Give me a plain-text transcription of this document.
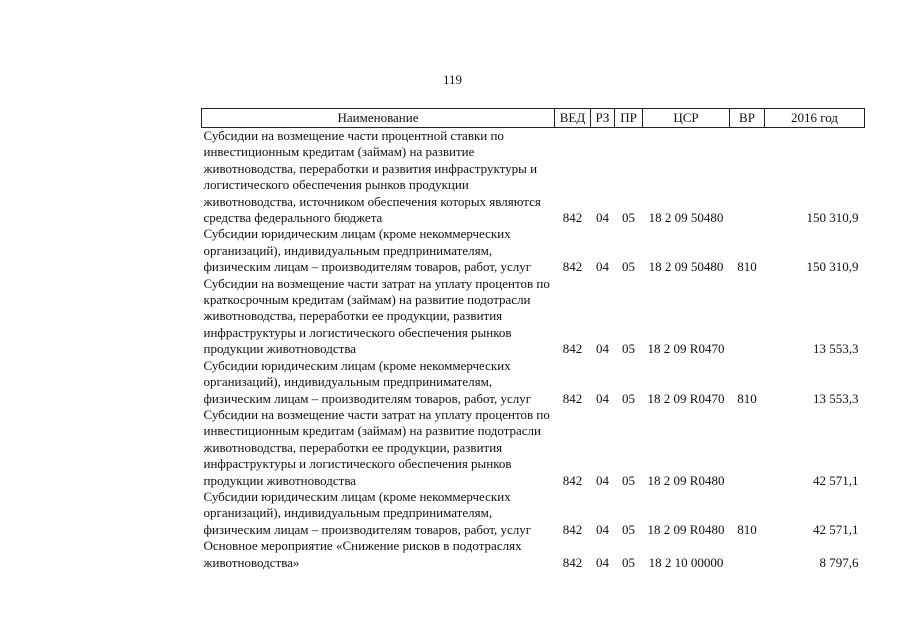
119
Наименование	ВЕД	РЗ	ПР	ЦСР	ВР	2016 год
Субсидии на возмещение части процентной ставки по инвестиционным кредитам (займам) на развитие животноводства, переработки и развития инфраструктуры и логистического обеспечения рынков продукции животноводства, источником обеспечения которых являются средства федерального бюджета	842	04	05	18 2 09 50480		150 310,9
Субсидии юридическим лицам (кроме некоммерческих организаций), индивидуальным предпринимателям, физическим лицам – производителям товаров, работ, услуг	842	04	05	18 2 09 50480	810	150 310,9
Субсидии на возмещение части затрат на уплату процентов по краткосрочным кредитам (займам) на развитие подотрасли животноводства, переработки ее продукции, развития инфраструктуры и логистического обеспечения рынков продукции животноводства	842	04	05	18 2 09 R0470		13 553,3
Субсидии юридическим лицам (кроме некоммерческих организаций), индивидуальным предпринимателям, физическим лицам – производителям товаров, работ, услуг	842	04	05	18 2 09 R0470	810	13 553,3
Субсидии на возмещение части затрат на уплату процентов по инвестиционным кредитам (займам) на развитие подотрасли животноводства, переработки ее продукции, развития инфраструктуры и логистического обеспечения рынков продукции животноводства	842	04	05	18 2 09 R0480		42 571,1
Субсидии юридическим лицам (кроме некоммерческих организаций), индивидуальным предпринимателям, физическим лицам – производителям товаров, работ, услуг	842	04	05	18 2 09 R0480	810	42 571,1
Основное мероприятие «Снижение рисков в подотраслях животноводства»	842	04	05	18 2 10 00000		8 797,6
